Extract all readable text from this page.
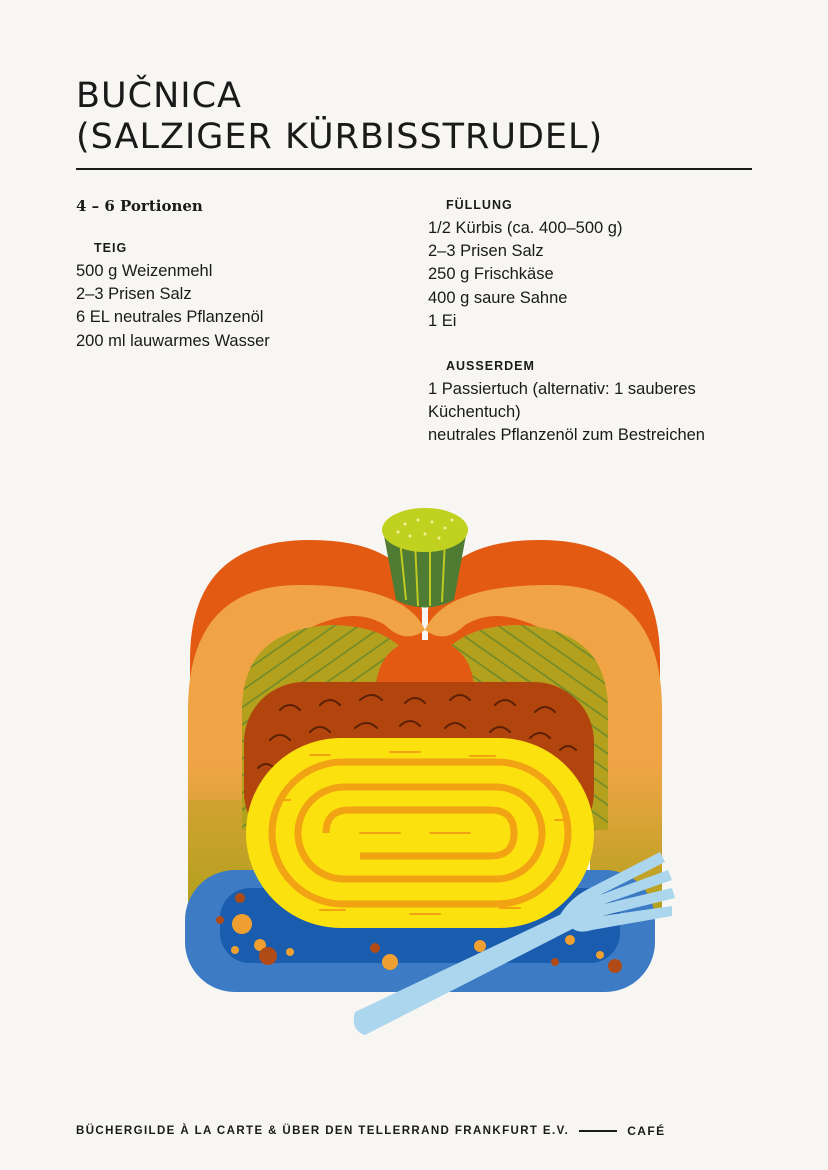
BUČNICA
(SALZIGER KÜRBISSTRUDEL)
4 – 6 Portionen
TEIG
500 g Weizenmehl
2–3 Prisen Salz
6 EL neutrales Pflanzenöl
200 ml lauwarmes Wasser
FÜLLUNG
1/2 Kürbis (ca. 400–500 g)
2–3 Prisen Salz
250 g Frischkäse
400 g saure Sahne
1 Ei
AUSSERDEM
1 Passiertuch (alternativ: 1 sauberes
Küchentuch)
neutrales Pflanzenöl zum Bestreichen
BÜCHERGILDE À LA CARTE & ÜBER DEN TELLERRAND FRANKFURT E.V.	CAFÉ
